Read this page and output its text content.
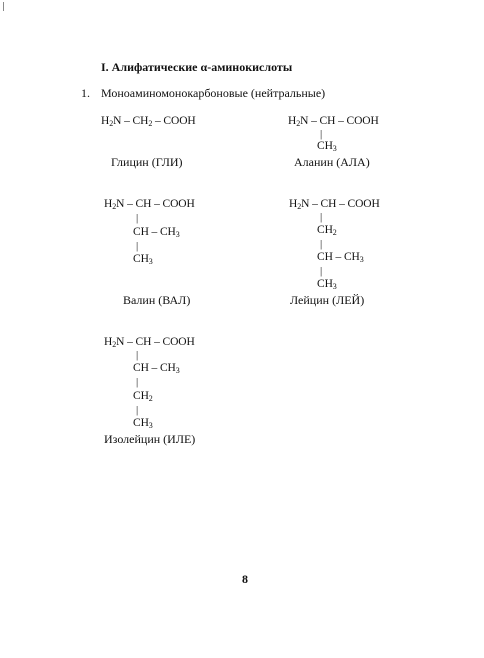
I. Алифатические α-аминокислоты
1. Моноаминомонокарбоновые (нейтральные)
$H_2N - CH_2$ – COOH
Глицин (ГЛИ)
$H_2N$ – CH – COOH
|
$CH_3$
Аланин (АЛА)
$H_2N$ – CH – COOH
|
CH – $CH_3$
|
$CH_3$
Валин (ВАЛ)
$H_2N$ – CH – COOH
|
$CH_2$
|
CH – $CH_3$
|
$CH_3$
Лейцин (ЛЕЙ)
$H_2N$ – CH – COOH
|
CH – $CH_3$
|
$CH_2$
|
$CH_3$
Изолейцин (ИЛЕ)
8
